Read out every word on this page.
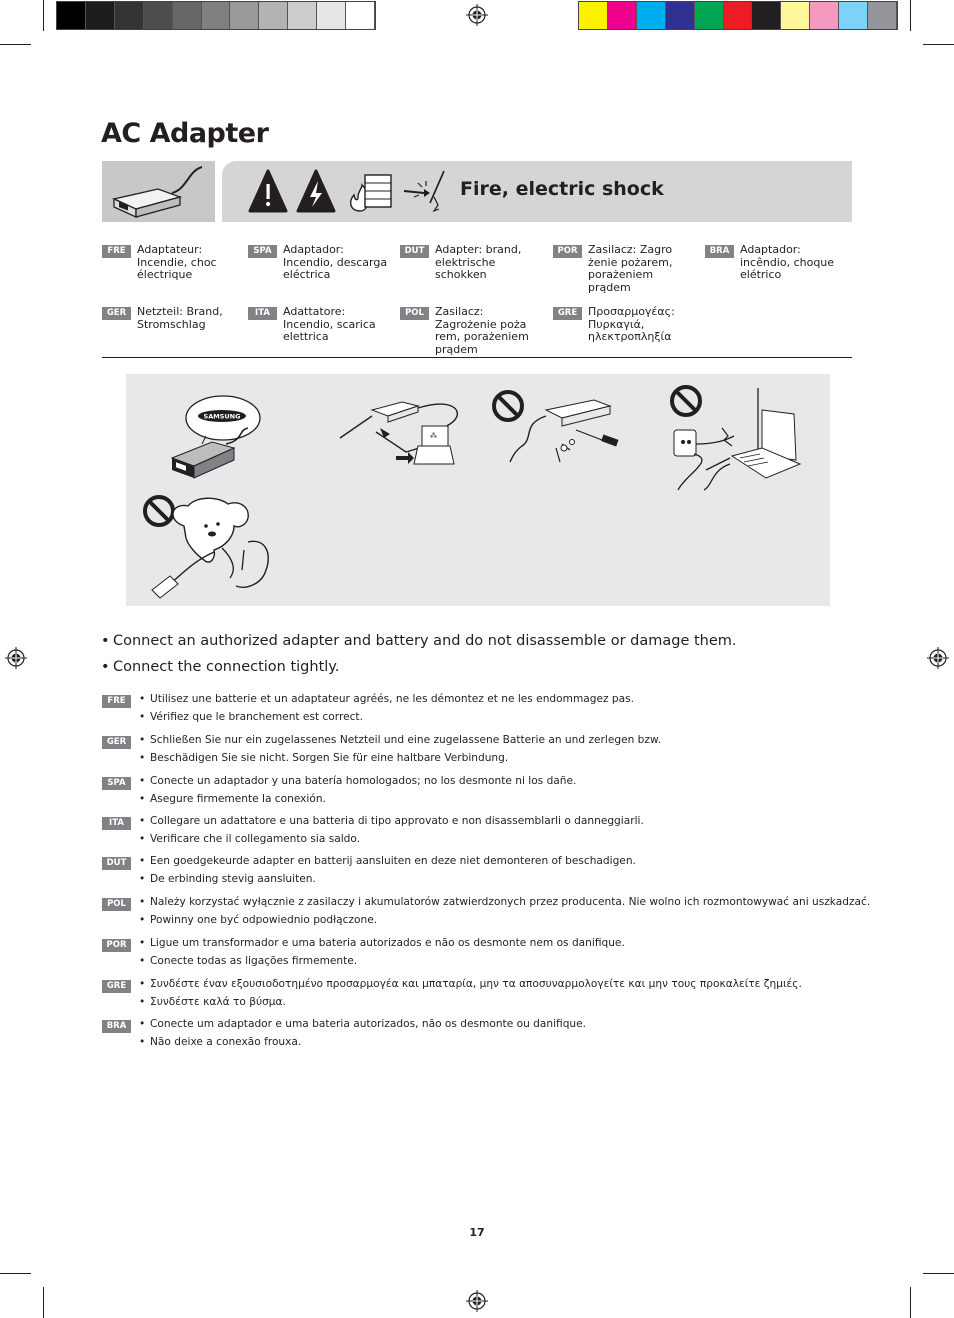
AC Adapter
Fire, electric shock
FRE	Adaptateur: Incendie, choc électrique
SPA	Adaptador: Incendio, descarga eléctrica
DUT Adapter: brand, elektrische schokken
POR Zasilacz: Zagro żenie pożarem, porażeniem prądem
BRA Adaptador: incêndio, choque elétrico
GER Netzteil: Brand, Stromschlag
ITA	Adattatore: Incendio, scarica elettrica
POL	Zasilacz: Zagrożenie poża rem, porażeniem prądem
GRE Προσαρμογέας: Πυρκαγιά, ηλεκτροπληξία
SAMSUNG
⁂
• Connect an authorized adapter and battery and do not disassemble or damage them.
• Connect the connection tightly.
FRE	• Utilisez une batterie et un adaptateur agréés, ne les démontez et ne les endommagez pas.
• Vérifiez que le branchement est correct.
GER	• Schließen Sie nur ein zugelassenes Netzteil und eine zugelassene Batterie an und zerlegen bzw.
• Beschädigen Sie sie nicht. Sorgen Sie für eine haltbare Verbindung.
SPA	• Conecte un adaptador y una batería homologados; no los desmonte ni los dañe.
• Asegure firmemente la conexión.
ITA	• Collegare un adattatore e una batteria di tipo approvato e non disassemblarli o danneggiarli.
• Verificare che il collegamento sia saldo.
DUT	• Een goedgekeurde adapter en batterij aansluiten en deze niet demonteren of beschadigen.
• De erbinding stevig aansluiten.
POL	• Należy korzystać wyłącznie z zasilaczy i akumulatorów zatwierdzonych przez producenta. Nie wolno ich rozmontowywać ani uszkadzać.
• Powinny one być odpowiednio podłączone.
POR	• Ligue um transformador e uma bateria autorizados e não os desmonte nem os danifique.
• Conecte todas as ligações firmemente.
GRE	• Συνδέστε έναν εξουσιοδοτημένο προσαρμογέα και μπαταρία, μην τα αποσυναρμολογείτε και μην τους προκαλείτε ζημιές.
• Συνδέστε καλά το βύσμα.
BRA	• Conecte um adaptador e uma bateria autorizados, não os desmonte ou danifique.
• Não deixe a conexão frouxa.
17
